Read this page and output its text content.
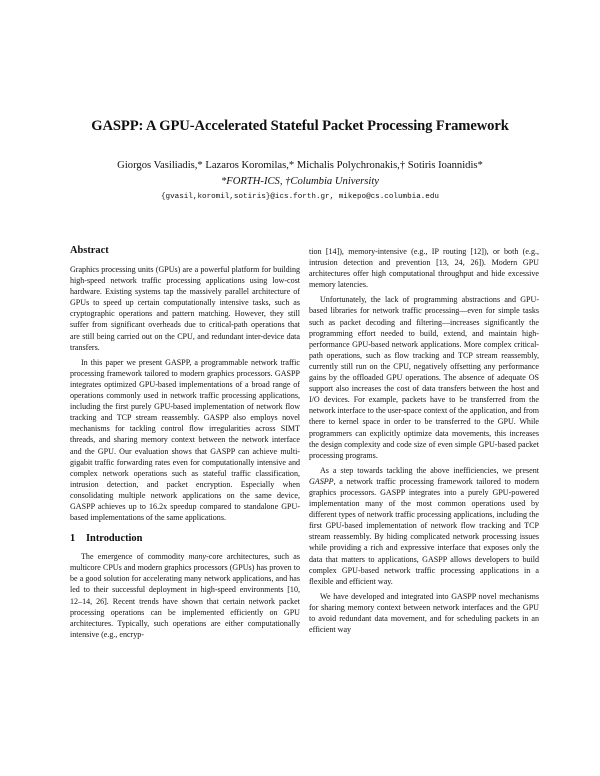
GASPP: A GPU-Accelerated Stateful Packet Processing Framework
Giorgos Vasiliadis,* Lazaros Koromilas,* Michalis Polychronakis,† Sotiris Ioannidis*
*FORTH-ICS, †Columbia University
{gvasil,koromil,sotiris}@ics.forth.gr, mikepo@cs.columbia.edu
Abstract

Graphics processing units (GPUs) are a powerful platform for building high-speed network traffic processing applications using low-cost hardware. Existing systems tap the massively parallel architecture of GPUs to speed up certain computationally intensive tasks, such as cryptographic operations and pattern matching. However, they still suffer from significant overheads due to critical-path operations that are still being carried out on the CPU, and redundant inter-device data transfers.

In this paper we present GASPP, a programmable network traffic processing framework tailored to modern graphics processors. GASPP integrates optimized GPU-based implementations of a broad range of operations commonly used in network traffic processing applications, including the first purely GPU-based implementation of network flow tracking and TCP stream reassembly. GASPP also employs novel mechanisms for tackling control flow irregularities across SIMT threads, and sharing memory context between the network interface and the GPU. Our evaluation shows that GASPP can achieve multi-gigabit traffic forwarding rates even for computationally intensive and complex network operations such as stateful traffic classification, intrusion detection, and packet encryption. Especially when consolidating multiple network applications on the same device, GASPP achieves up to 16.2x speedup compared to standalone GPU-based implementations of the same applications.

1 Introduction

The emergence of commodity many-core architectures, such as multicore CPUs and modern graphics processors (GPUs) has proven to be a good solution for accelerating many network applications, and has led to their successful deployment in high-speed environments [10, 12–14, 26]. Recent trends have shown that certain network packet processing operations can be implemented efficiently on GPU architectures. Typically, such operations are either computationally intensive (e.g., encryp-

tion [14]), memory-intensive (e.g., IP routing [12]), or both (e.g., intrusion detection and prevention [13, 24, 26]). Modern GPU architectures offer high computational throughput and hide excessive memory latencies.

Unfortunately, the lack of programming abstractions and GPU-based libraries for network traffic processing—even for simple tasks such as packet decoding and filtering—increases significantly the programming effort needed to build, extend, and maintain high-performance GPU-based network applications. More complex critical-path operations, such as flow tracking and TCP stream reassembly, currently still run on the CPU, negatively offsetting any performance gains by the offloaded GPU operations. The absence of adequate OS support also increases the cost of data transfers between the host and I/O devices. For example, packets have to be transferred from the network interface to the user-space context of the application, and from there to kernel space in order to be transferred to the GPU. While programmers can explicitly optimize data movements, this increases the design complexity and code size of even simple GPU-based packet processing programs.

As a step towards tackling the above inefficiencies, we present GASPP, a network traffic processing framework tailored to modern graphics processors. GASPP integrates into a purely GPU-powered implementation many of the most common operations used by different types of network traffic processing applications, including the first GPU-based implementation of network flow tracking and TCP stream reassembly. By hiding complicated network processing issues while providing a rich and expressive interface that exposes only the data that matters to applications, GASPP allows developers to build complex GPU-based network traffic processing applications in a flexible and efficient way.

We have developed and integrated into GASPP novel mechanisms for sharing memory context between network interfaces and the GPU to avoid redundant data movement, and for scheduling packets in an efficient way
